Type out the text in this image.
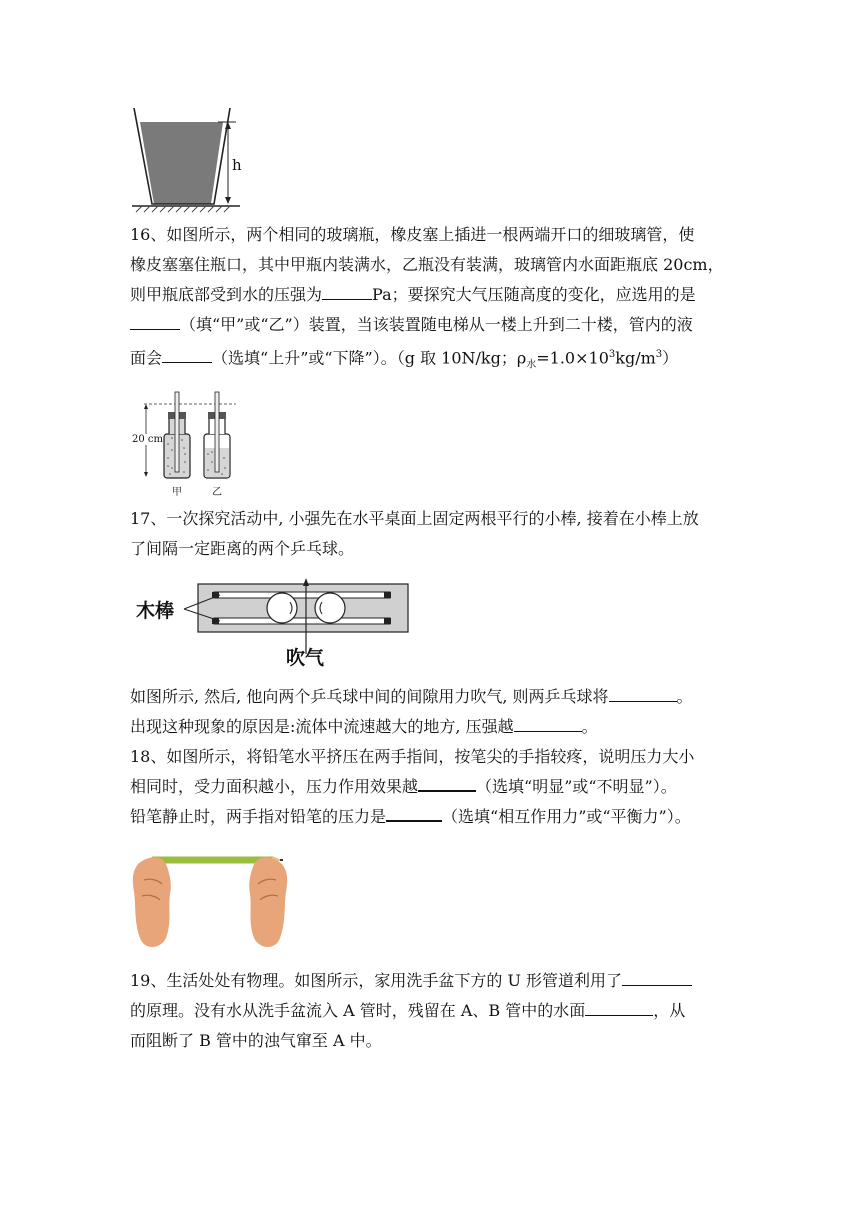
h
16、如图所示，两个相同的玻璃瓶，橡皮塞上插进一根两端开口的细玻璃管，使
橡皮塞塞住瓶口，其中甲瓶内装满水，乙瓶没有装满，玻璃管内水面距瓶底 20cm，
则甲瓶底部受到水的压强为	Pa；要探究大气压随高度的变化，应选用的是
（填“甲”或“乙”）装置，当该装置随电梯从一楼上升到二十楼，管内的液
面会	（选填“上升”或“下降”）。（g 取 10N/kg；$\rho_水=1.0\times 10^3kg/m^3$）
20 cm
甲	乙
17、一次探究活动中, 小强先在水平桌面上固定两根平行的小棒, 接着在小棒上放
了间隔一定距离的两个乒乓球。
木棒
吹气
如图所示, 然后, 他向两个乒乓球中间的间隙用力吹气, 则两乒乓球将	。
出现这种现象的原因是:流体中流速越大的地方, 压强越	。
18、如图所示，将铅笔水平挤压在两手指间，按笔尖的手指较疼，说明压力大小
相同时，受力面积越小，压力作用效果越	（选填“明显”或“不明显”）。
铅笔静止时，两手指对铅笔的压力是	（选填“相互作用力”或“平衡力”）。
19、生活处处有物理。如图所示，家用洗手盆下方的 U 形管道利用了
的原理。没有水从洗手盆流入 A 管时，残留在 A、B 管中的水面	，从
而阻断了 B 管中的浊气窜至 A 中。
